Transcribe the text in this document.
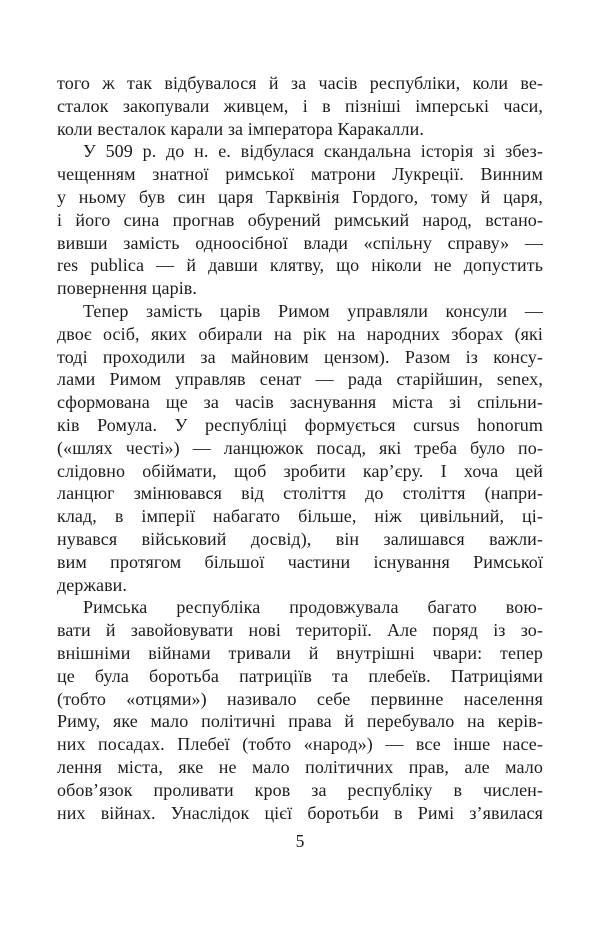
того ж так відбувалося й за часів республіки, коли ве-
сталок закопували живцем, і в пізніші імперські часи,
коли весталок карали за імператора Каракалли.
У 509 р. до н. е. відбулася скандальна історія зі збез-
чещенням знатної римської матрони Лукреції. Винним
у ньому був син царя Тарквінія Гордого, тому й царя,
і його сина прогнав обурений римський народ, встано-
вивши замість одноосібної влади «спільну справу» —
res publica — й давши клятву, що ніколи не допустить
повернення царів.
Тепер замість царів Римом управляли консули —
двоє осіб, яких обирали на рік на народних зборах (які
тоді проходили за майновим цензом). Разом із консу-
лами Римом управляв сенат — рада старійшин, senex,
сформована ще за часів заснування міста зі спільни-
ків Ромула. У республіці формується cursus honorum
(«шлях честі») — ланцюжок посад, які треба було по-
слідовно обіймати, щоб зробити кар’єру. І хоча цей
ланцюг змінювався від століття до століття (напри-
клад, в імперії набагато більше, ніж цивільний, ці-
нувався військовий досвід), він залишався важли-
вим протягом більшої частини існування Римської
держави.
Римська республіка продовжувала багато вою-
вати й завойовувати нові території. Але поряд із зо-
внішніми війнами тривали й внутрішні чвари: тепер
це була боротьба патриціїв та плебеїв. Патриціями
(тобто «отцями») називало себе первинне населення
Риму, яке мало політичні права й перебувало на керів-
них посадах. Плебеї (тобто «народ») — все інше насе-
лення міста, яке не мало політичних прав, але мало
обов’язок проливати кров за республіку в числен-
них війнах. Унаслідок цієї боротьби в Римі з’явилася
5
